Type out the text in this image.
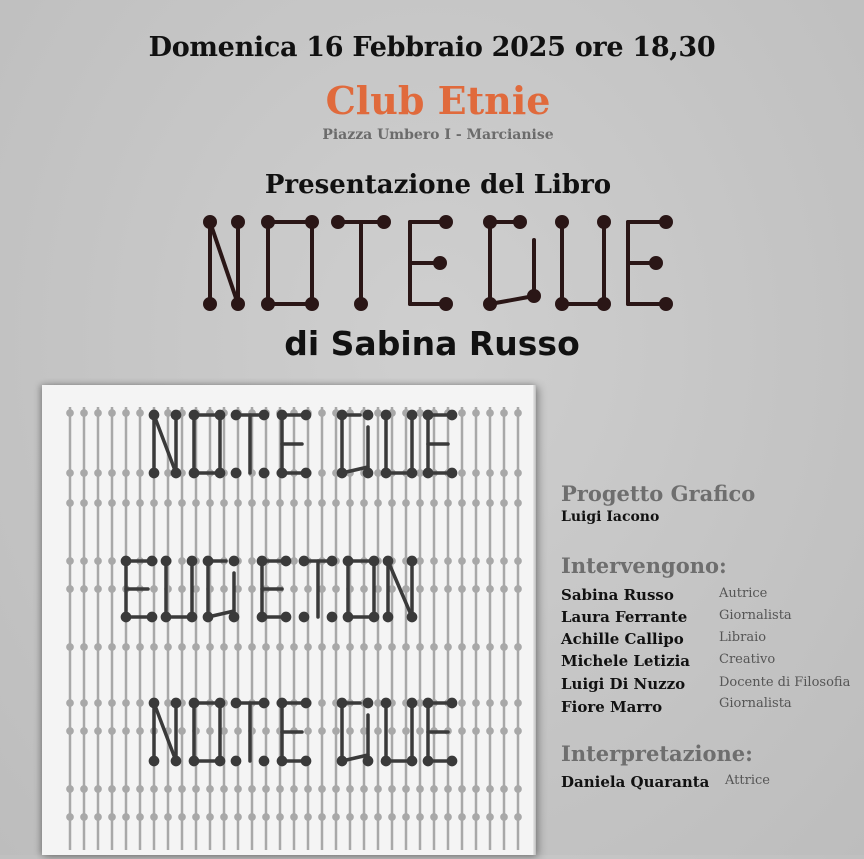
Domenica 16 Febbraio 2025 ore 18,30
Club Etnie
Piazza Umbero I - Marcianise
Presentazione del Libro
di Sabina Russo
Progetto Grafico
Luigi Iacono
Intervengono:
Sabina Russo	Autrice
Laura Ferrante Giornalista
Achille Callipo	Libraio
Michele Letizia Creativo
Luigi Di Nuzzo	Docente di Filosofia
Fiore Marro	Giornalista
Interpretazione:
Daniela Quaranta Attrice
